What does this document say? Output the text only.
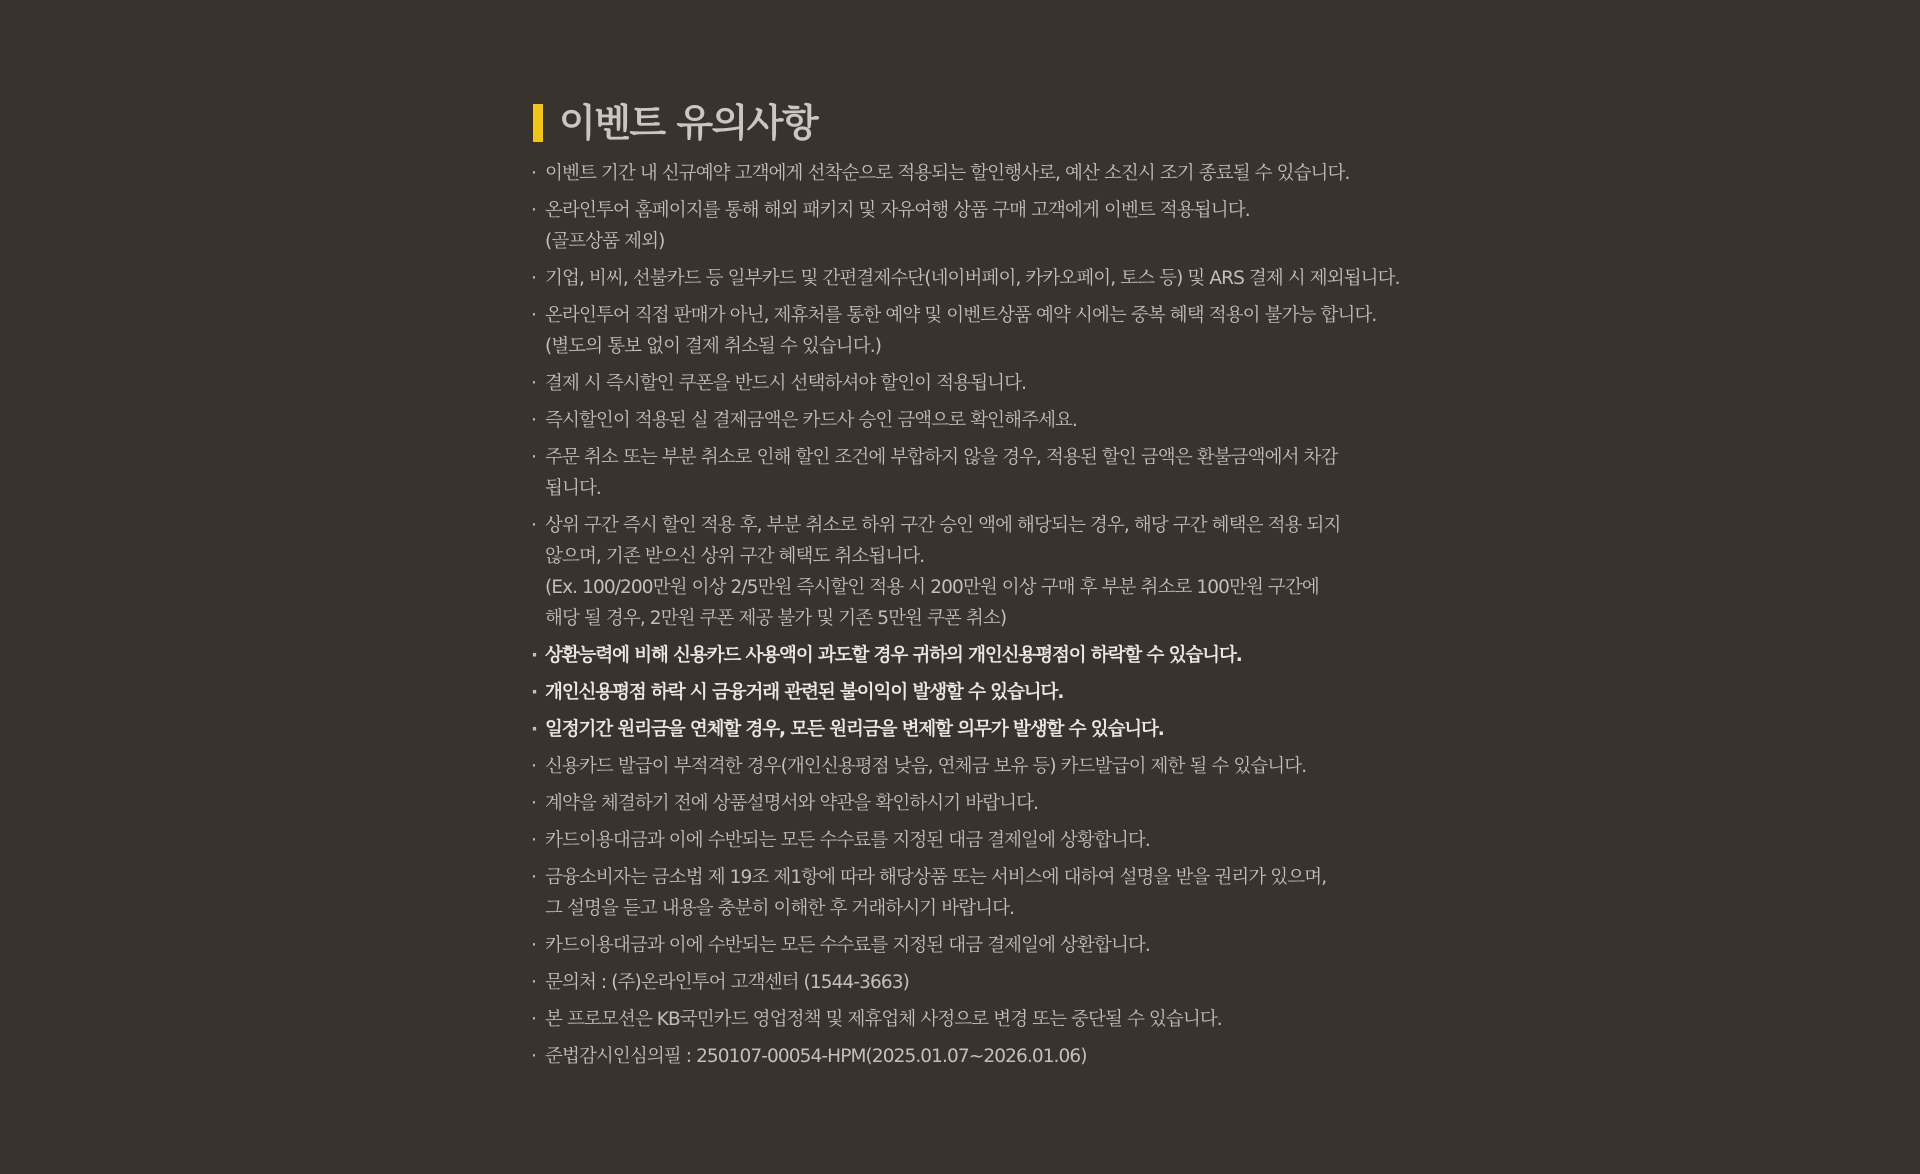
이벤트 유의사항
· 이벤트 기간 내 신규예약 고객에게 선착순으로 적용되는 할인행사로, 예산 소진시 조기 종료될 수 있습니다.
· 온라인투어 홈페이지를 통해 해외 패키지 및 자유여행 상품 구매 고객에게 이벤트 적용됩니다.
(골프상품 제외)
· 기업, 비씨, 선불카드 등 일부카드 및 간편결제수단(네이버페이, 카카오페이, 토스 등) 및 ARS 결제 시 제외됩니다.
· 온라인투어 직접 판매가 아닌, 제휴처를 통한 예약 및 이벤트상품 예약 시에는 중복 혜택 적용이 불가능 합니다.
(별도의 통보 없이 결제 취소될 수 있습니다.)
· 결제 시 즉시할인 쿠폰을 반드시 선택하셔야 할인이 적용됩니다.
· 즉시할인이 적용된 실 결제금액은 카드사 승인 금액으로 확인해주세요.
· 주문 취소 또는 부분 취소로 인해 할인 조건에 부합하지 않을 경우, 적용된 할인 금액은 환불금액에서 차감
됩니다.
· 상위 구간 즉시 할인 적용 후, 부분 취소로 하위 구간 승인 액에 해당되는 경우, 해당 구간 혜택은 적용 되지
않으며, 기존 받으신 상위 구간 혜택도 취소됩니다.
(Ex. 100/200만원 이상 2/5만원 즉시할인 적용 시 200만원 이상 구매 후 부분 취소로 100만원 구간에
해당 될 경우, 2만원 쿠폰 제공 불가 및 기존 5만원 쿠폰 취소)
· 상환능력에 비해 신용카드 사용액이 과도할 경우 귀하의 개인신용평점이 하락할 수 있습니다.
· 개인신용평점 하락 시 금융거래 관련된 불이익이 발생할 수 있습니다.
· 일정기간 원리금을 연체할 경우, 모든 원리금을 변제할 의무가 발생할 수 있습니다.
· 신용카드 발급이 부적격한 경우(개인신용평점 낮음, 연체금 보유 등) 카드발급이 제한 될 수 있습니다.
· 계약을 체결하기 전에 상품설명서와 약관을 확인하시기 바랍니다.
· 카드이용대금과 이에 수반되는 모든 수수료를 지정된 대금 결제일에 상황합니다.
· 금융소비자는 금소법 제 19조 제1항에 따라 해당상품 또는 서비스에 대하여 설명을 받을 권리가 있으며,
그 설명을 듣고 내용을 충분히 이해한 후 거래하시기 바랍니다.
· 카드이용대금과 이에 수반되는 모든 수수료를 지정된 대금 결제일에 상환합니다.
· 문의처 : (주)온라인투어 고객센터 (1544-3663)
· 본 프로모션은 KB국민카드 영업정책 및 제휴업체 사정으로 변경 또는 중단될 수 있습니다.
· 준법감시인심의필 : 250107-00054-HPM(2025.01.07~2026.01.06)
